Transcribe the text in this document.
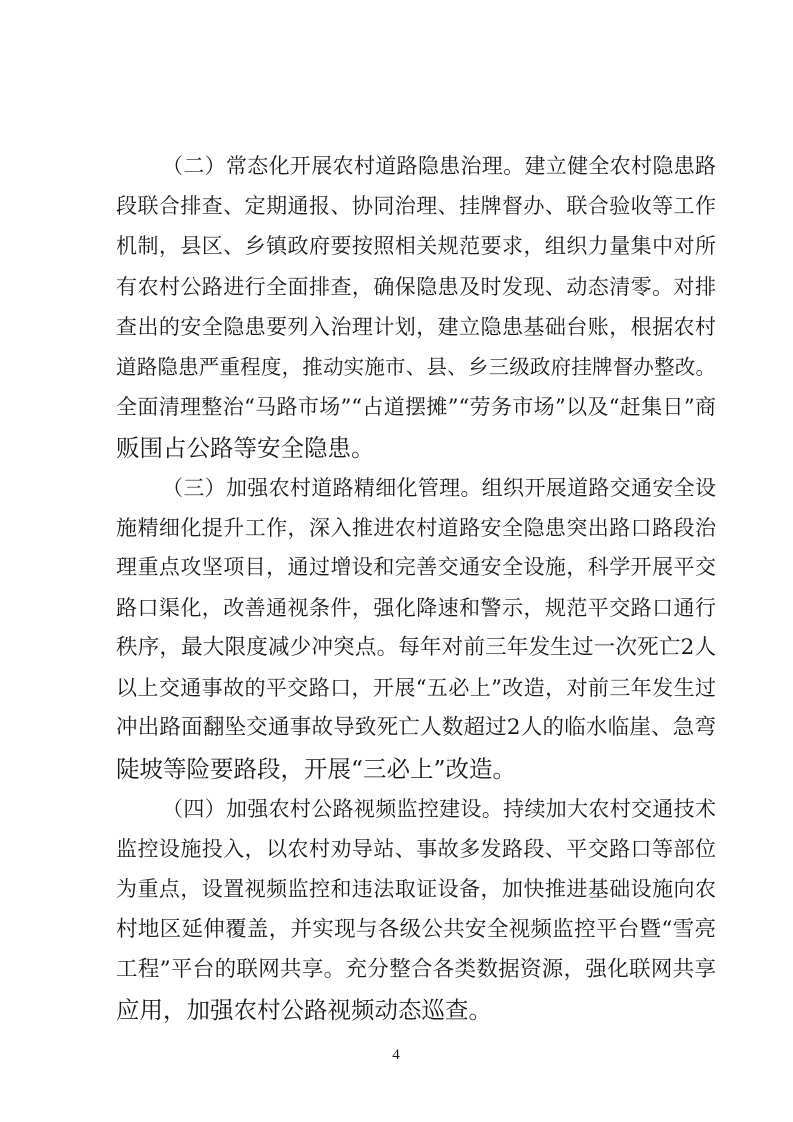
（二）常态化开展农村道路隐患治理。建立健全农村隐患路
段联合排查、定期通报、协同治理、挂牌督办、联合验收等工作
机制，县区、乡镇政府要按照相关规范要求，组织力量集中对所
有农村公路进行全面排查，确保隐患及时发现、动态清零。对排
查出的安全隐患要列入治理计划，建立隐患基础台账，根据农村
道路隐患严重程度，推动实施市、县、乡三级政府挂牌督办整改。
全面清理整治“马路市场”“占道摆摊”“劳务市场”以及“赶集日”商
贩围占公路等安全隐患。
（三）加强农村道路精细化管理。组织开展道路交通安全设
施精细化提升工作，深入推进农村道路安全隐患突出路口路段治
理重点攻坚项目，通过增设和完善交通安全设施，科学开展平交
路口渠化，改善通视条件，强化降速和警示，规范平交路口通行
秩序，最大限度减少冲突点。每年对前三年发生过一次死亡2人
以上交通事故的平交路口，开展“五必上”改造，对前三年发生过
冲出路面翻坠交通事故导致死亡人数超过2人的临水临崖、急弯
陡坡等险要路段，开展“三必上”改造。
（四）加强农村公路视频监控建设。持续加大农村交通技术
监控设施投入，以农村劝导站、事故多发路段、平交路口等部位
为重点，设置视频监控和违法取证设备，加快推进基础设施向农
村地区延伸覆盖，并实现与各级公共安全视频监控平台暨“雪亮
工程”平台的联网共享。充分整合各类数据资源，强化联网共享
应用，加强农村公路视频动态巡查。
4
